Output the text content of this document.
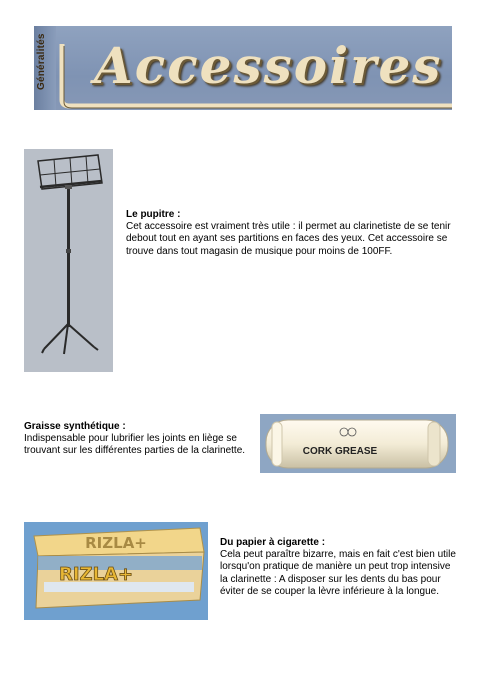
Généralités Accessoires
Le pupitre :
Cet accessoire est vraiment très utile : il permet au clarinetiste de se tenir debout tout en ayant ses partitions en faces des yeux. Cet accessoire se trouve dans tout magasin de musique pour moins de 100FF.
Graisse synthétique :
Indispensable pour lubrifier les joints en liège se trouvant sur les différentes parties de la clarinette.	CORK GREASE
RIZLA+
RIZLA+
Du papier à cigarette :
Cela peut paraître bizarre, mais en fait c'est bien utile lorsqu'on pratique de manière un peut trop intensive la clarinette : A disposer sur les dents du bas pour éviter de se couper la lèvre inférieure à la longue.
